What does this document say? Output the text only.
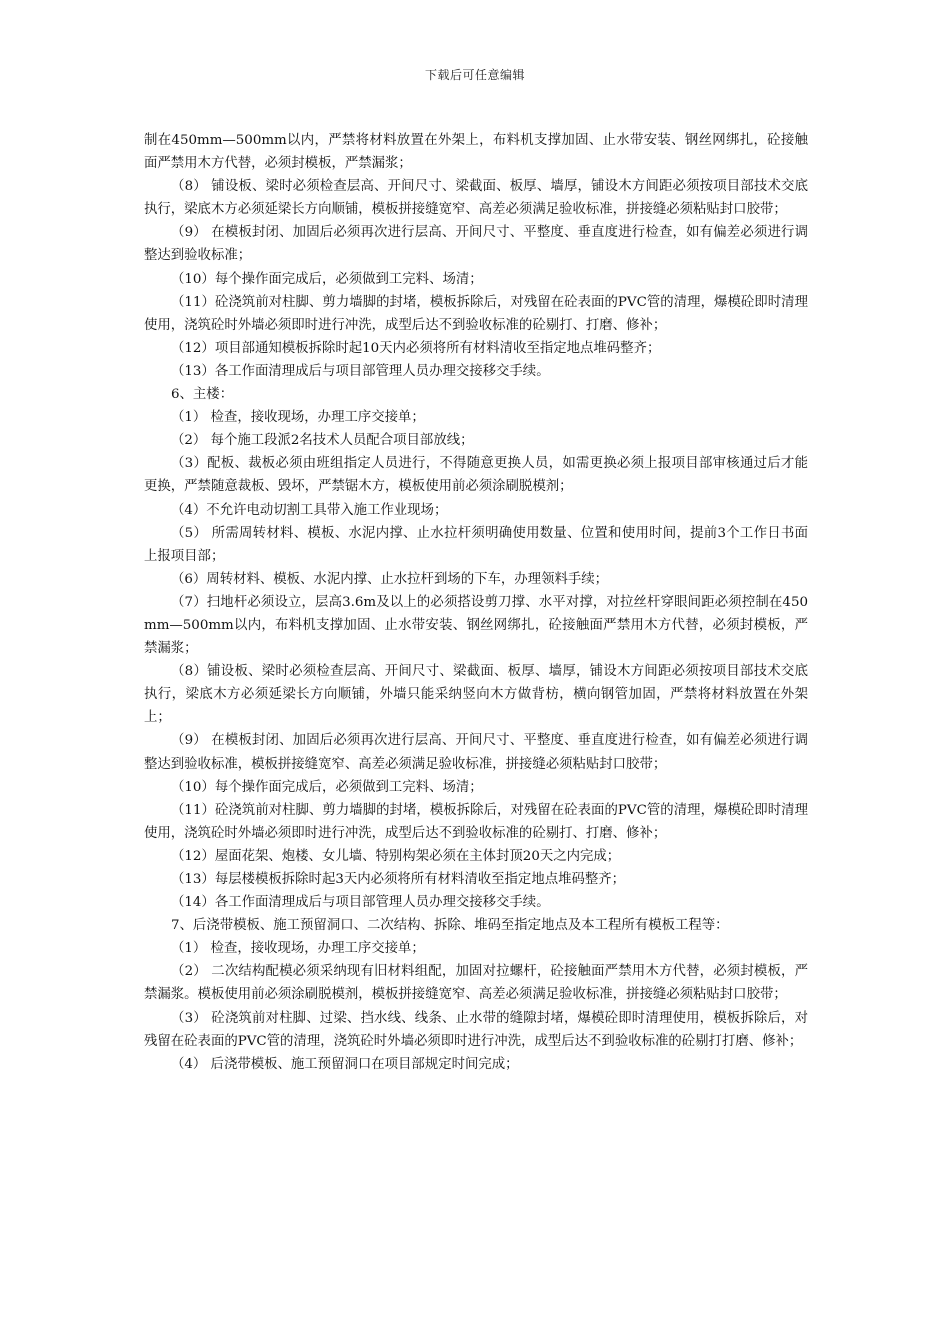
下载后可任意编辑

制在450mm—500mm以内，严禁将材料放置在外架上，布料机支撑加固、止水带安装、钢丝网绑扎，砼接触面严禁用木方代替，必须封模板，严禁漏浆；

（8） 铺设板、梁时必须检查层高、开间尺寸、梁截面、板厚、墙厚，铺设木方间距必须按项目部技术交底执行，梁底木方必须延梁长方向顺铺，模板拼接缝宽窄、高差必须满足验收标准，拼接缝必须粘贴封口胶带；

（9） 在模板封闭、加固后必须再次进行层高、开间尺寸、平整度、垂直度进行检查，如有偏差必须进行调整达到验收标准；

（10）每个操作面完成后，必须做到工完料、场清；

（11）砼浇筑前对柱脚、剪力墙脚的封堵，模板拆除后，对残留在砼表面的PVC管的清理，爆模砼即时清理使用，浇筑砼时外墙必须即时进行冲洗，成型后达不到验收标准的砼剔打、打磨、修补；

（12）项目部通知模板拆除时起10天内必须将所有材料清收至指定地点堆码整齐；

（13）各工作面清理成后与项目部管理人员办理交接移交手续。

6、主楼：

（1） 检查，接收现场，办理工序交接单；

（2） 每个施工段派2名技术人员配合项目部放线；

（3）配板、裁板必须由班组指定人员进行，不得随意更换人员，如需更换必须上报项目部审核通过后才能更换，严禁随意裁板、毁坏，严禁锯木方，模板使用前必须涂刷脱模剂；

（4）不允许电动切割工具带入施工作业现场；

（5） 所需周转材料、模板、水泥内撑、止水拉杆须明确使用数量、位置和使用时间，提前3个工作日书面上报项目部；

（6）周转材料、模板、水泥内撑、止水拉杆到场的下车，办理领料手续；

（7）扫地杆必须设立，层高3.6m及以上的必须搭设剪刀撑、水平对撑，对拉丝杆穿眼间距必须控制在450mm—500mm以内，布料机支撑加固、止水带安装、钢丝网绑扎，砼接触面严禁用木方代替，必须封模板，严禁漏浆；

（8）铺设板、梁时必须检查层高、开间尺寸、梁截面、板厚、墙厚，铺设木方间距必须按项目部技术交底执行，梁底木方必须延梁长方向顺铺，外墙只能采纳竖向木方做背枋，横向钢管加固，严禁将材料放置在外架上；

（9） 在模板封闭、加固后必须再次进行层高、开间尺寸、平整度、垂直度进行检查，如有偏差必须进行调整达到验收标准，模板拼接缝宽窄、高差必须满足验收标准，拼接缝必须粘贴封口胶带；

（10）每个操作面完成后，必须做到工完料、场清；

（11）砼浇筑前对柱脚、剪力墙脚的封堵，模板拆除后，对残留在砼表面的PVC管的清理，爆模砼即时清理使用，浇筑砼时外墙必须即时进行冲洗，成型后达不到验收标准的砼剔打、打磨、修补；

（12）屋面花架、炮楼、女儿墙、特别构架必须在主体封顶20天之内完成；

（13）每层楼模板拆除时起3天内必须将所有材料清收至指定地点堆码整齐；

（14）各工作面清理成后与项目部管理人员办理交接移交手续。

7、后浇带模板、施工预留洞口、二次结构、拆除、堆码至指定地点及本工程所有模板工程等：

（1） 检查，接收现场，办理工序交接单；

（2） 二次结构配模必须采纳现有旧材料组配，加固对拉螺杆，砼接触面严禁用木方代替，必须封模板，严禁漏浆。模板使用前必须涂刷脱模剂，模板拼接缝宽窄、高差必须满足验收标准，拼接缝必须粘贴封口胶带；

（3） 砼浇筑前对柱脚、过梁、挡水线、线条、止水带的缝隙封堵，爆模砼即时清理使用，模板拆除后，对残留在砼表面的PVC管的清理，浇筑砼时外墙必须即时进行冲洗，成型后达不到验收标准的砼剔打打磨、修补；

（4） 后浇带模板、施工预留洞口在项目部规定时间完成；
